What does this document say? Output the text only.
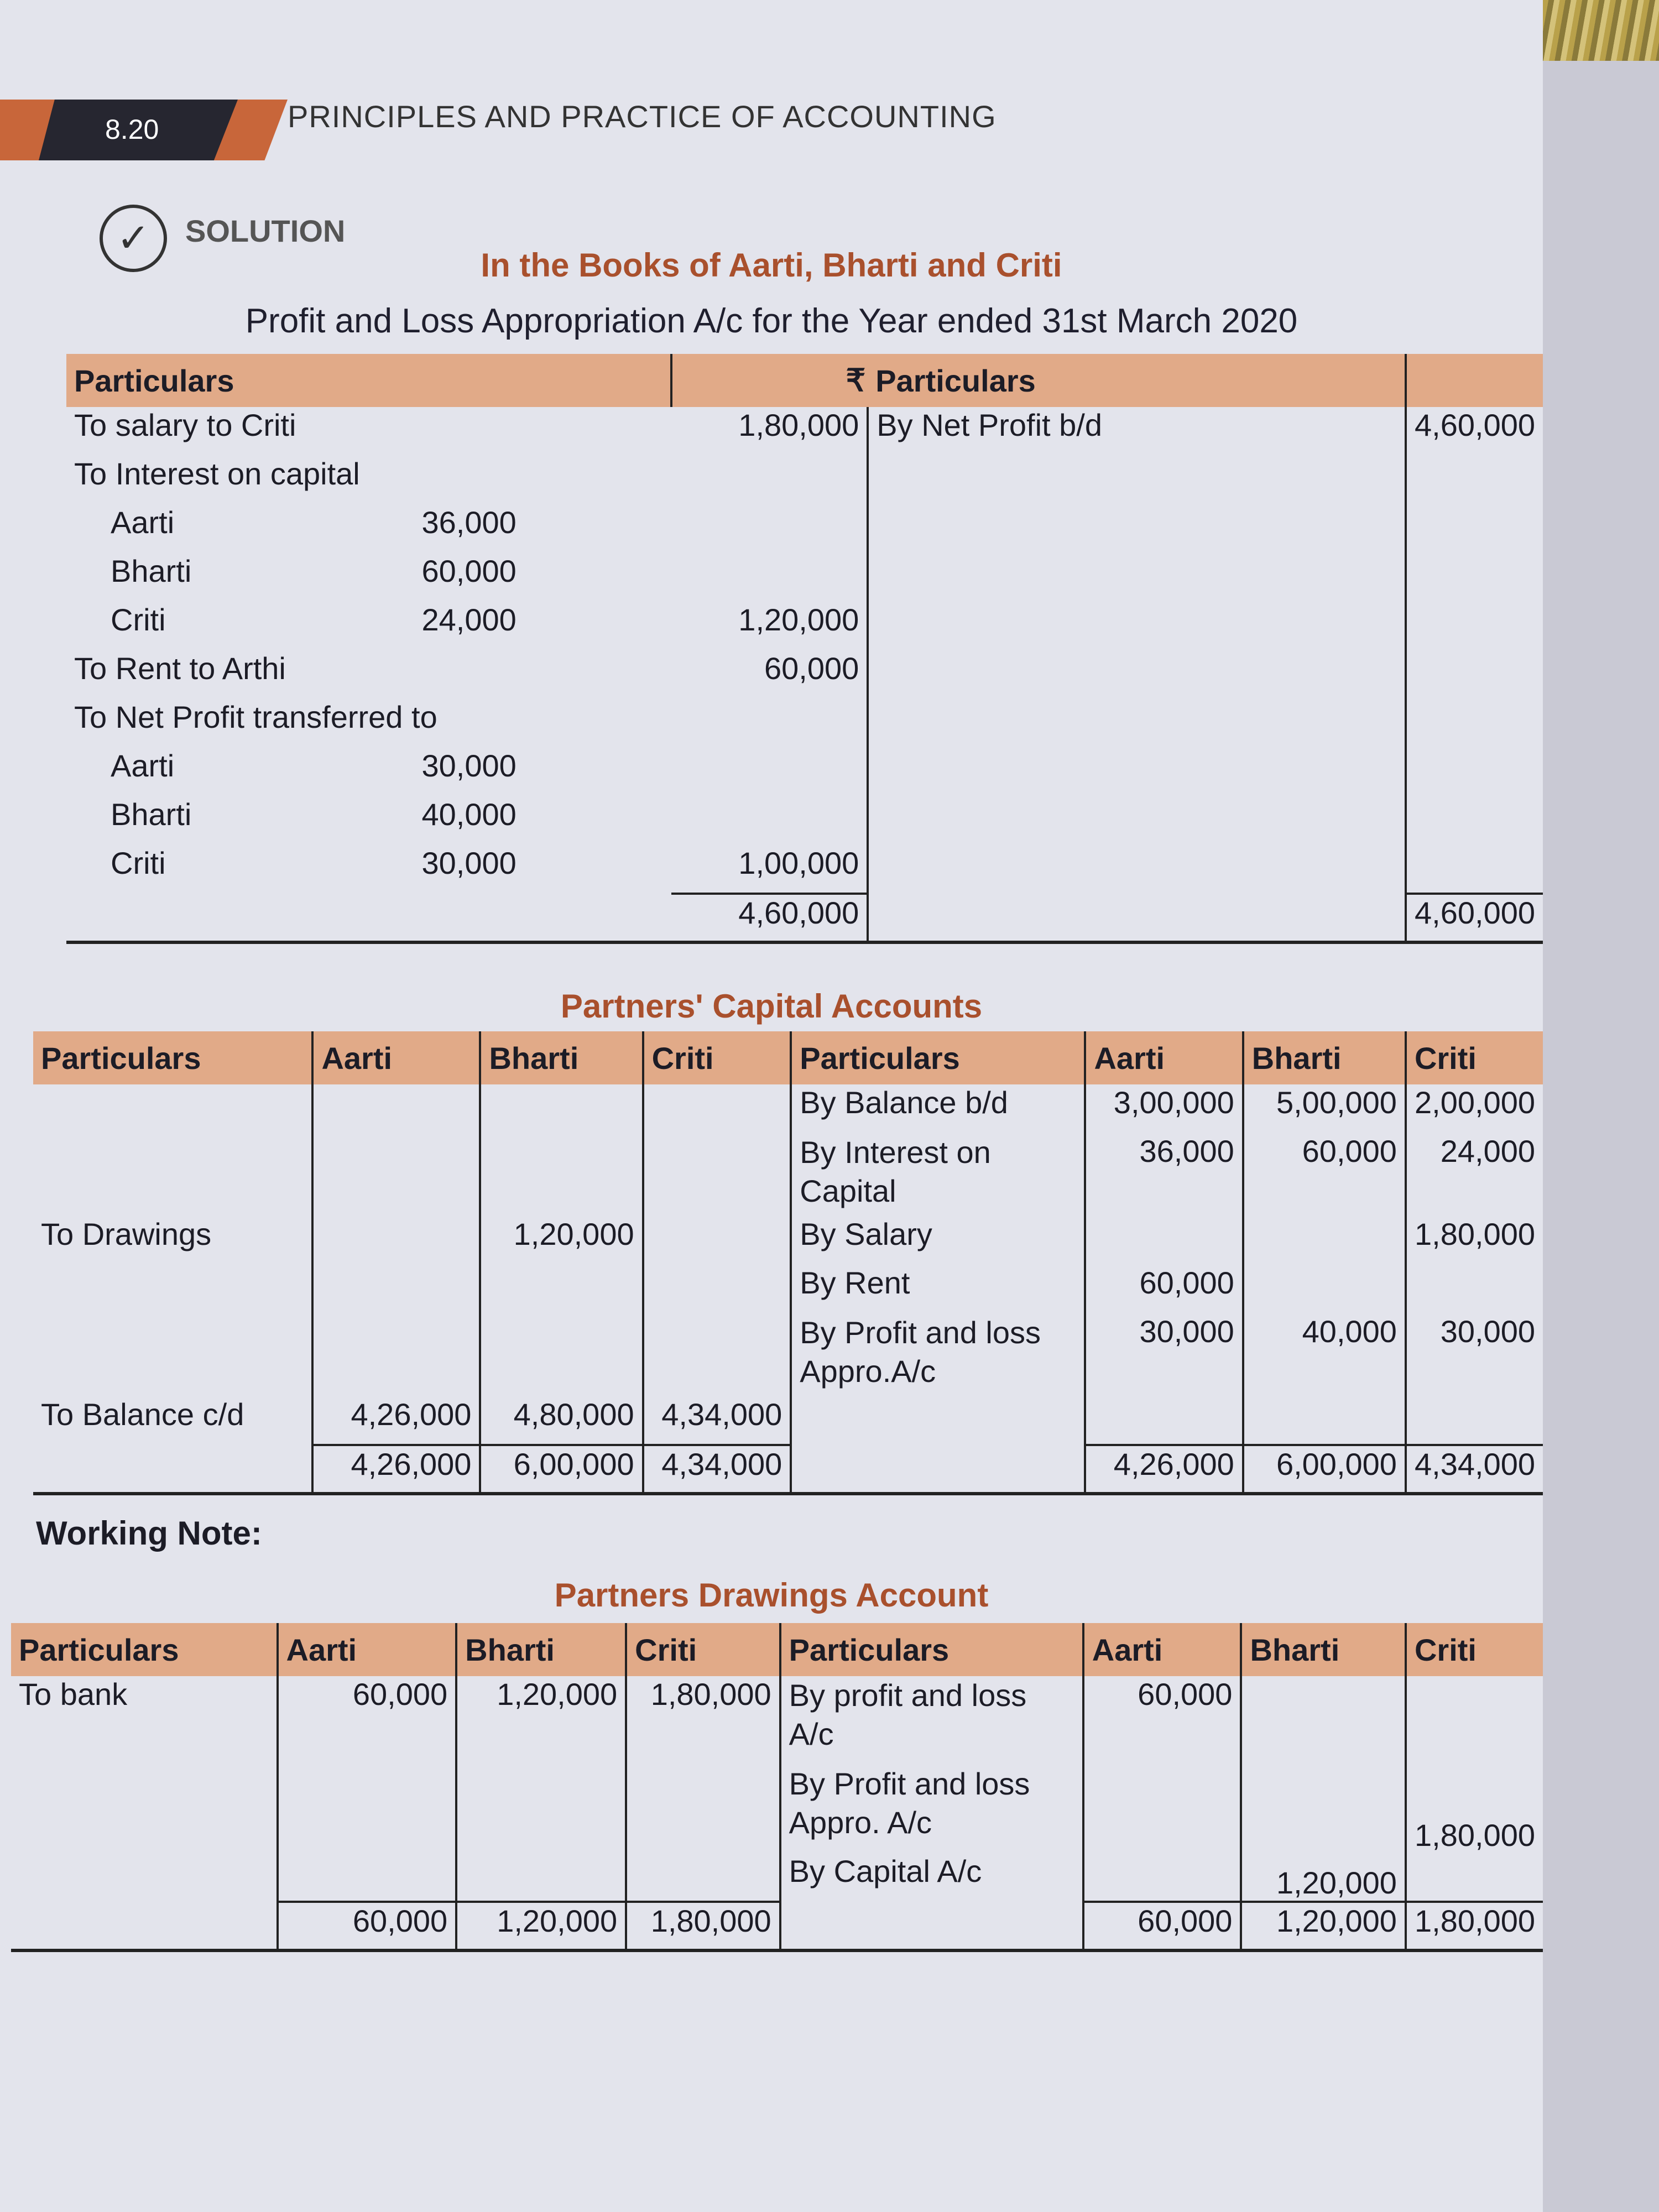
8.20	PRINCIPLES AND PRACTICE OF ACCOUNTING
✓	SOLUTION
In the Books of Aarti, Bharti and Criti
Profit and Loss Appropriation A/c for the Year ended 31st March 2020
Particulars		₹	Particulars	
To salary to Criti		1,80,000	By Net Profit b/d	4,60,000
To Interest on capital				
Aarti	36,000			
Bharti	60,000			
Criti	24,000	1,20,000		
To Rent to Arthi		60,000		
To Net Profit transferred to				
Aarti	30,000			
Bharti	40,000			
Criti	30,000	1,00,000		
		4,60,000		4,60,000
Partners' Capital Accounts
Particulars	Aarti	Bharti	Criti	Particulars	Aarti	Bharti	Criti
				By Balance b/d	3,00,000	5,00,000	2,00,000
				By Interest on Capital	36,000	60,000	24,000
To Drawings		1,20,000		By Salary			1,80,000
				By Rent	60,000		
				By Profit and loss Appro.A/c	30,000	40,000	30,000
To Balance c/d	4,26,000	4,80,000	4,34,000				
	4,26,000	6,00,000	4,34,000		4,26,000	6,00,000	4,34,000
Working Note:
Partners Drawings Account
Particulars	Aarti	Bharti	Criti	Particulars	Aarti	Bharti	Criti
To bank	60,000	1,20,000	1,80,000	By profit and loss A/c	60,000		
				By Profit and loss Appro. A/c			1,80,000
				By Capital A/c		1,20,000	
	60,000	1,20,000	1,80,000		60,000	1,20,000	1,80,000
